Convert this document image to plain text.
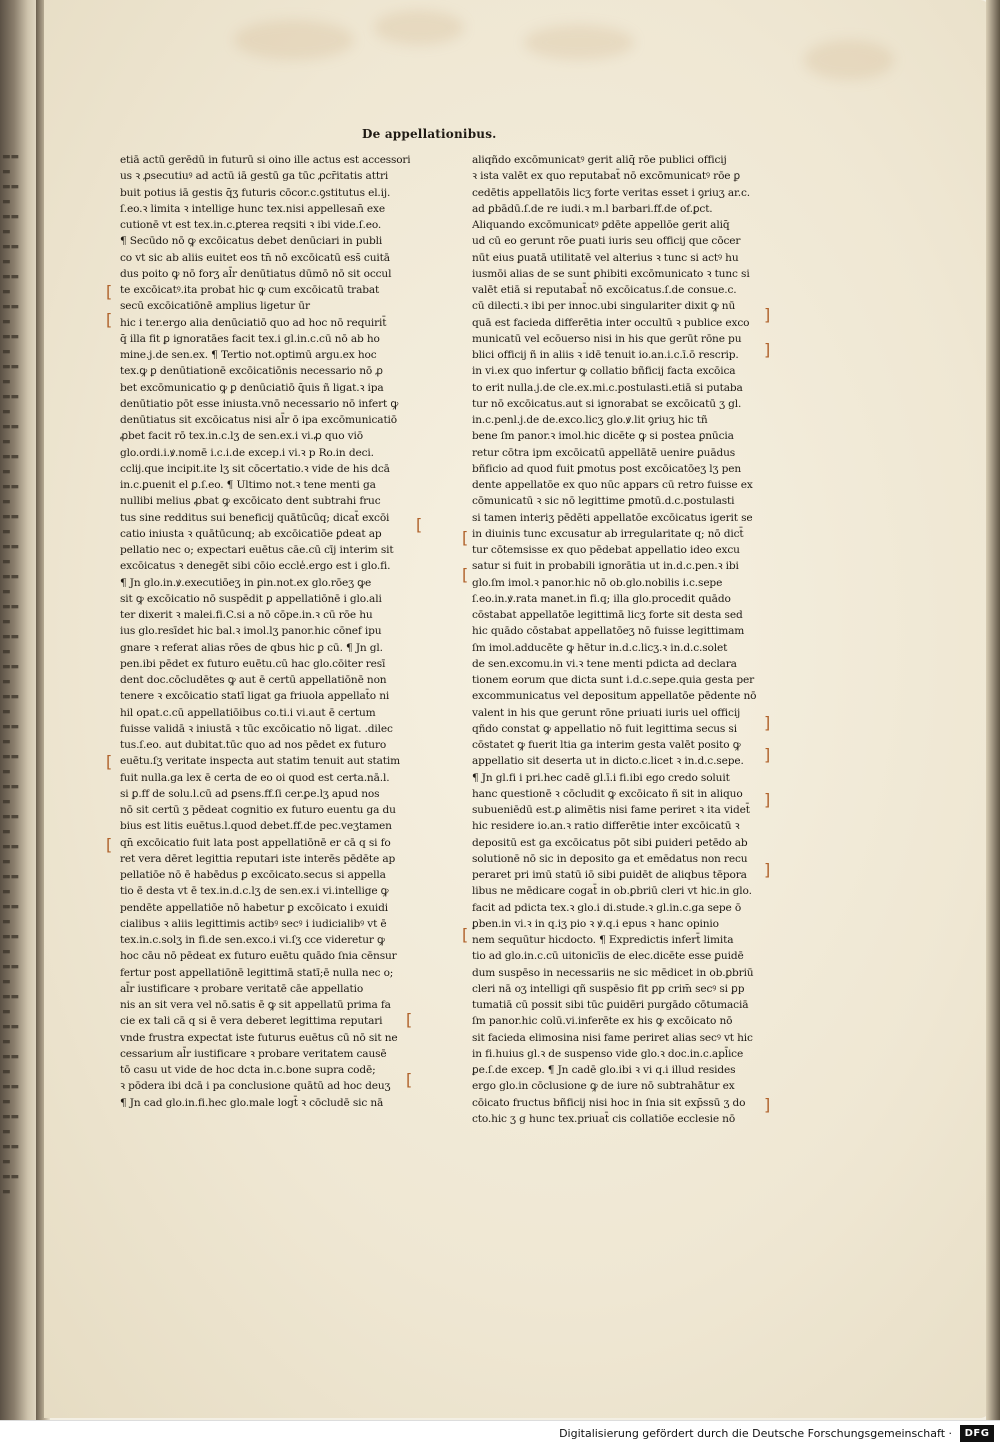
▬▬
▬
▬▬
▬
▬▬
▬
▬▬
▬
▬▬
▬
▬▬
▬
▬▬
▬
▬▬
▬
▬▬
▬
▬▬
▬
▬▬
▬
▬▬
▬
▬▬
▬
▬▬
▬
▬▬
▬
▬▬
▬
▬▬
▬
▬▬
▬
▬▬
▬
▬▬
▬
▬▬
▬
▬▬
▬
▬▬
▬
▬▬
▬
▬▬
▬
▬▬
▬
▬▬
▬
▬▬
▬
▬▬
▬
▬▬
▬
▬▬
▬
▬▬
▬
▬▬
▬
▬▬
▬
▬▬
▬
De appellationibus.
etiā actū gerēdū in futurū si oino ille actus est accessori
us ꝛ ꝓsecutiuꝰ ad actū iā gestū ga tūc ꝓcr̄itatis attri
buit potius iā gestis q̄ʒ futuris cōcor.c.ꝯstitutus el.ij.
ſ.eo.ꝛ limita ꝛ intellige hunc tex.nisi appellesan̄ exe
cutionē vt est tex.in.c.ꝑterea reqsiti ꝛ ibi vide.ſ.eo.
¶ Secūdo nō ꝙ excōicatus debet denūciari in publi
co vt sic ab aliis euitet eos tn̄ nō excōicatū ess̄ cuitā
dus poito ꝙ nō forʒ al̄r denūtiatus dūmō nō sit occul
te excōicatꝰ.ita probat hic ꝙ cum excōicatū trabat
secū excōicatiōnē amplius ligetur ūr
hic i ter.ergo alia denūciatiō quo ad hoc nō requirit̄
q̄ illa fit ꝑ ignoratāes facit tex.i gl.in.c.cū nō ab ho
mine.j.de sen.ex. ¶ Tertio not.optimū argu.ex hoc
tex.ꝙ ꝑ denūtiationē excōicatiōnis necessario nō ꝓ
bet excōmunicatio ꝙ ꝑ denūciatiō q̄uis ñ ligat.ꝛ ipa
denūtiatio pōt esse iniusta.vnō necessario nō infert ꝙ
denūtiatus sit excōicatus nisi al̄r ō ipa excōmunicatiō
ꝓbet facit rō tex.in.c.lʒ de sen.ex.i vi.ꝓ quo viō
glo.ordi.i.ꝟ.nomē i.c.i.de excep.i vi.ꝛ p Ro.in deci.
cclij.que incipit.ite lʒ sit cōcertatio.ꝛ vide de his dcā
in.c.ꝑuenit el ꝑ.ſ.eo. ¶ Ultimo not.ꝛ tene menti ga
nullibi melius ꝓbat ꝙ excōicato dent subtrahi fruc
tus sine redditus sui beneficij quātūcūq; dicat̄ excōi
catio iniusta ꝛ quātūcunq; ab excōicatiōe ꝑdeat ap
pellatio nec o; expectari euētus cāe.cū cīj interim sit
excōicatus ꝛ denegēt sibi cōio eccle̾.ergo est i glo.fi.
¶ Jn glo.in.ꝟ.executiōeʒ in ꝑin.not.ex glo.rōeʒ ꝙe
sit ꝙ excōicatio nō suspēdit ꝑ appellatiōnē i glo.ali
ter dixerit ꝛ malei.fi.C.si a nō cōpe.in.ꝛ cū rōe hu
ius glo.resīdet hic bal.ꝛ imol.lʒ panor.hic cōnef ipu
gnare ꝛ referat alias rōes de qbus hic ꝑ cū. ¶ Jn gl.
pen.ibi pēdet ex futuro euētu.cū hac glo.cōiter resī
dent doc.cōcludētes ꝙ aut ē certū appellatiōnē non
tenere ꝛ excōicatio statī ligat ga friuola appellat̄o ni
hil opat.c.cū appellatiōibus co.ti.i vi.aut ē certum
fuisse validā ꝛ iniustā ꝛ tūc excōicatio nō ligat. .dilec
tus.ſ.eo. aut dubitat.tūc quo ad nos pēdet ex futuro
euētu.ſʒ veritate inspecta aut statim tenuit aut statim
fuit nulla.ga lex ē certa de eo oi quod est certa.nā.l.
si ꝑ.ff de solu.l.cū ad ꝑsens.ff.ſi cer.ꝑe.lʒ apud nos
nō sit certū ʒ pēdeat cognitio ex futuro euentu ga du
bius est litis euētus.l.quod debet.ff.de pec.veʒtamen
qn̄ excōicatio fuit lata post appellatiōnē er cā q si fo
ret vera dēret legittia reputari iste interēs pēdēte ap
pellatiōe nō ē habēdus ꝑ excōicato.secus si appella
tio ē desta vt ē tex.in.d.c.lʒ de sen.ex.i vi.intellige ꝙ
pendēte appellatiōe nō habetur ꝑ excōicato i exuidi
cialibus ꝛ aliis legittimis actibꝰ secꝰ i iudicialibꝰ vt ē
tex.in.c.solʒ in fi.de sen.exco.i vi.ſʒ cce videretur ꝙ
hoc cāu nō pēdeat ex futuro euētu quādo ſnia cēnsur
fertur post appellatiōnē legittimā statī;ē nulla nec o;
al̄r iustificare ꝛ probare veritatē cāe appellatio
nis an sit vera vel nō.satis ē ꝙ sit appellatū prima fa
cie ex tali cā q si ē vera deberet legittima reputari
vnde frustra expectat iste futurus euētus cū nō sit ne
cessarium al̄r iustificare ꝛ probare veritatem causē
tō casu ut vide de hoc dcta in.c.bone supra codē;
ꝛ pōdera ibi dcā i pa conclusione quātū ad hoc deuʒ
¶ Jn cad glo.in.fi.hec glo.male logt̄ ꝛ cōcludē sic nā
aliqñdo excōmunicatꝰ gerit aliq̄ rōe publici officij
ꝛ ista valēt ex quo reputabat̄ nō excōmunicatꝰ rōe ꝑ
cedētis appellatōis licʒ forte veritas esset i ꝯriuʒ ar.c.
ad ꝑbādū.ſ.de re iudi.ꝛ m.l barbari.ff.de of.ꝑct.
Aliquando excōmunicatꝰ ꝑdēte appellōe gerit aliq̄
ud cū eo gerunt rōe ꝑuati iuris seu officij que cōcer
nūt eius ꝑuatā utilitatē vel alterius ꝛ tunc si actꝰ hu
iusmōi alias de se sunt ꝑhibiti excōmunicato ꝛ tunc si
valēt etiā si reputabat̄ nō excōicatus.ſ.de consue.c.
cū dilecti.ꝛ ibi per innoc.ubi singulariter dixit ꝙ nū
quā est facieda differētia inter occultū ꝛ publice exco
municatū vel ecōuerso nisi in his que gerūt rōne pu
blici officij ñ in aliis ꝛ idē tenuit io.an.i.c.ī.ō rescrip.
in vi.ex quo infertur ꝙ collatio bñficij facta excōica
to erit nulla.j.de cle.ex.mi.c.postulasti.etiā si putaba
tur nō excōicatus.aut si ignorabat se excōicatū ʒ gl.
in.c.penl.j.de de.exco.licʒ glo.ꝟ.lit ꝯriuʒ hic tñ
bene ſm panor.ꝛ imol.hic dicēte ꝙ si postea ꝑnūcia
retur cōtra ipm excōicatū appellātē uenire ꝑuādus
bñficio ad quod fuit ꝑmotus post excōicatōeʒ lʒ pen
dente appellatōe ex quo nūc appars cū retro fuisse ex
cōmunicatū ꝛ sic nō legittime ꝑmotū.d.c.postulasti
si tamen interiʒ pēdēti appellatōe excōicatus igerit se
in diuinis tunc excusatur ab irregularitate q; nō dict̄
tur cōtemsisse ex quo pēdebat appellatio ideo excu
satur si fuit in probabili ignorātia ut in.d.c.pen.ꝛ ibi
glo.ſm imol.ꝛ panor.hic nō ob.glo.nobilis i.c.sepe
ſ.eo.in.ꝟ.rata manet.in fi.q; illa glo.procedit quādo
cōstabat appellatōe legittimā licʒ forte sit desta sed
hic quādo cōstabat appellatōeʒ nō fuisse legittimam
ſm imol.adducēte ꝙ hētur in.d.c.licʒ.ꝛ in.d.c.solet
de sen.excomu.in vi.ꝛ tene menti pdicta ad declara
tionem eorum que dicta sunt i.d.c.sepe.quia gesta per
excommunicatus vel depositum appellatōe pēdente nō
valent in his que gerunt rōne priuati iuris uel officij
qñdo constat ꝙ appellatio nō fuit legittima secus si
cōstatet ꝙ fuerit ltia ga interim gesta valēt posito ꝙ
appellatio sit deserta ut in dicto.c.licet ꝛ in.d.c.sepe.
¶ Jn gl.fi i pri.hec cadē gl.ī.i fi.ibi ego credo soluit
hanc questionē ꝛ cōcludit ꝙ excōicato ñ sit in aliquo
subueniēdū est.ꝑ alimētis nisi fame periret ꝛ ita videt̄
hic residere io.an.ꝛ ratio differētie inter excōicatū ꝛ
depositū est ga excōicatus pōt sibi ꝑuideri petēdo ab
solutionē nō sic in deposito ga et emēdatus non recu
peraret pri imū statū iō sibi ꝑuidēt de aliqbus tēpora
libus ne mēdicare cogat̄ in ob.ꝑbriū cleri vt hic.in glo.
facit ad pdicta tex.ꝛ glo.i di.stude.ꝛ gl.in.c.ga sepe ō
ꝑben.in vi.ꝛ in q.iʒ pio ꝛ ꝟ.q.i epus ꝛ hanc opinio
nem sequūtur hicdocto. ¶ Expredictis infert̄ limita
tio ad glo.in.c.cū uitonicīis de elec.dicēte esse ꝑuidē
dum suspēso in necessariis ne sic mēdicet in ob.ꝑbriū
cleri nā oʒ intelligi qñ suspēsio fit ꝑp crim̄ secꝰ si ꝑp
tumatiā cū possit sibi tūc ꝑuidēri purgādo cōtumaciā
ſm panor.hic colū.vi.inferēte ex his ꝙ excōicato nō
sit facieda elimosina nisi fame periret alias secꝰ vt hic
in fi.huius gl.ꝛ de suspenso vide glo.ꝛ doc.in.c.apl̄ice
ꝑe.ſ.de excep. ¶ Jn cadē glo.ibi ꝛ vi q.i illud resides
ergo glo.in cōclusione ꝙ de iure nō subtrahātur ex
cōicato fructus bñficij nisi hoc in ſnia sit exp̄ssū ʒ do
cto.hic ʒ g hunc tex.priuat̄ cis collatiōe ecclesie nō
[
[
[
[
[
[
[
]
]
]
]
]
]
]
[
[
[
Digitalisierung gefördert durch die Deutsche Forschungsgemeinschaft ·	DFG
